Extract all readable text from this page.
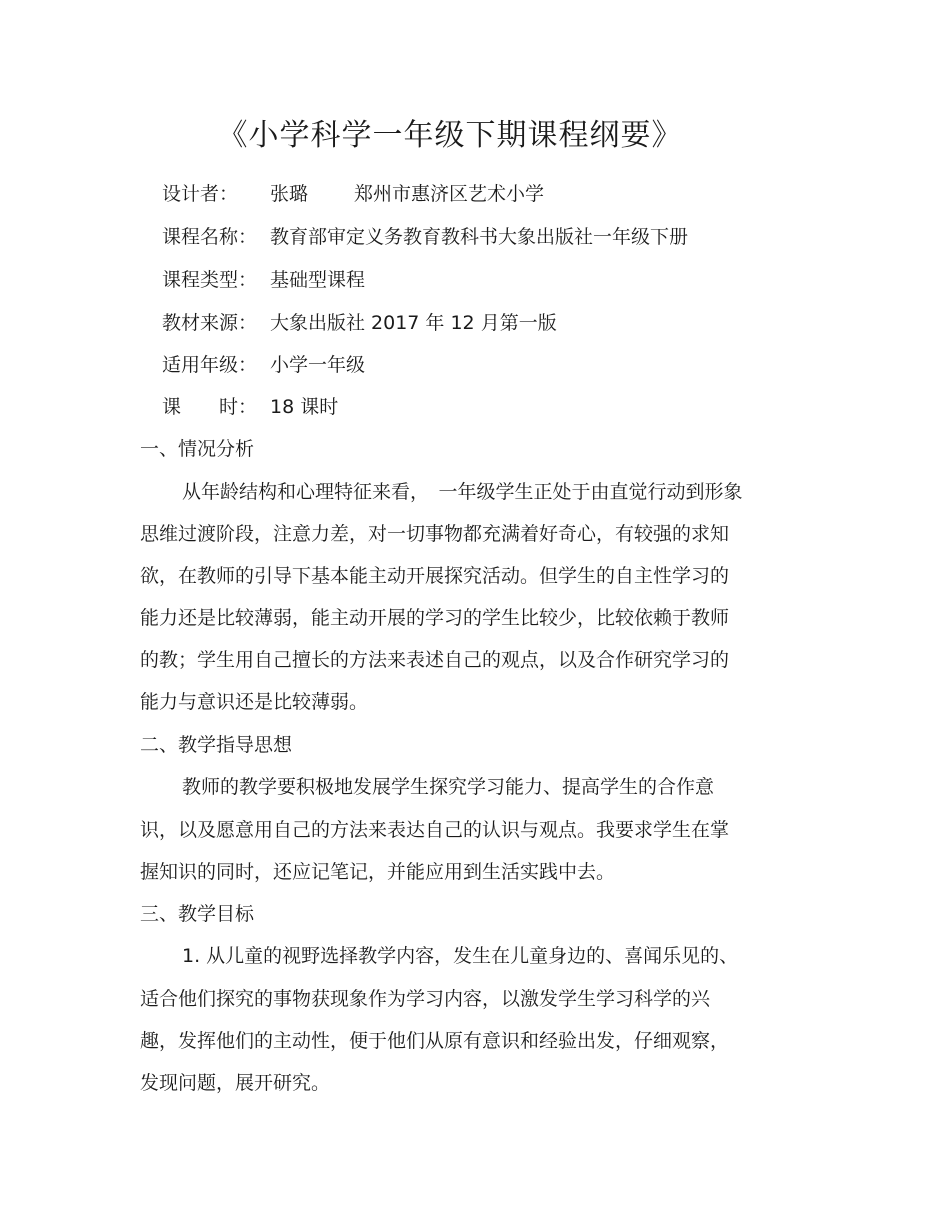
《小学科学一年级下期课程纲要》
设计者： 张璐 郑州市惠济区艺术小学
课程名称： 教育部审定义务教育教科书大象出版社一年级下册
课程类型： 基础型课程
教材来源： 大象出版社 2017 年 12 月第一版
适用年级： 小学一年级
课　　时： 18 课时
一、情况分析
从年龄结构和心理特征来看，　一年级学生正处于由直觉行动到形象
思维过渡阶段，注意力差，对一切事物都充满着好奇心，有较强的求知
欲，在教师的引导下基本能主动开展探究活动。但学生的自主性学习的
能力还是比较薄弱，能主动开展的学习的学生比较少，比较依赖于教师
的教；学生用自己擅长的方法来表述自己的观点，以及合作研究学习的
能力与意识还是比较薄弱。
二、教学指导思想
教师的教学要积极地发展学生探究学习能力、提高学生的合作意
识，以及愿意用自己的方法来表达自己的认识与观点。我要求学生在掌
握知识的同时，还应记笔记，并能应用到生活实践中去。
三、教学目标
1. 从儿童的视野选择教学内容，发生在儿童身边的、喜闻乐见的、
适合他们探究的事物获现象作为学习内容，以激发学生学习科学的兴
趣，发挥他们的主动性，便于他们从原有意识和经验出发，仔细观察，
发现问题，展开研究。
